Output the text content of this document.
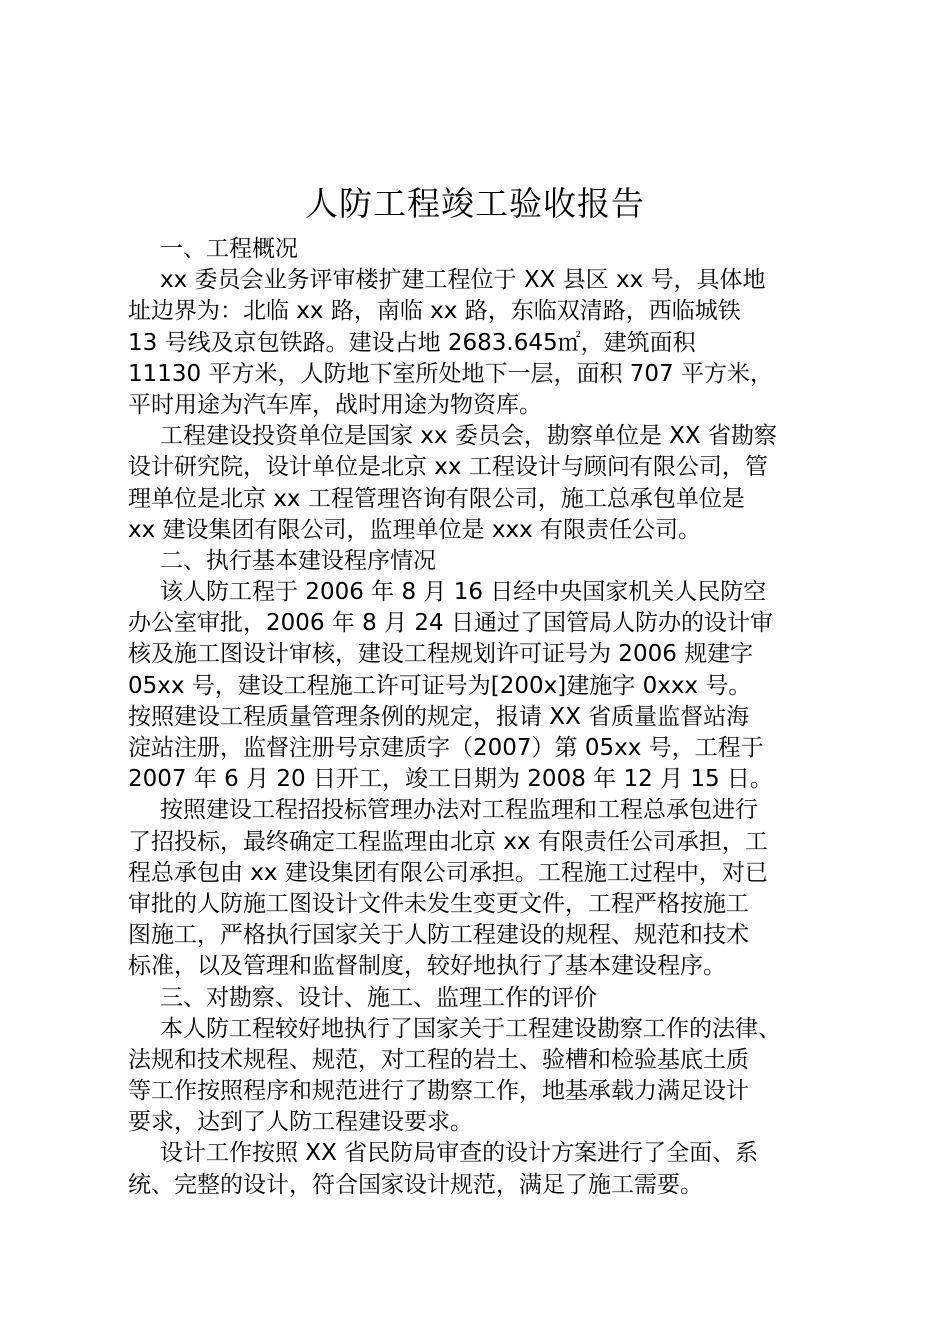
人防工程竣工验收报告
一、工程概况
xx 委员会业务评审楼扩建工程位于 XX 县区 xx 号，具体地
址边界为：北临 xx 路，南临 xx 路，东临双清路，西临城铁
13 号线及京包铁路。建设占地 2683.645㎡，建筑面积
11130 平方米，人防地下室所处地下一层，面积 707 平方米，
平时用途为汽车库，战时用途为物资库。
工程建设投资单位是国家 xx 委员会，勘察单位是 XX 省勘察
设计研究院，设计单位是北京 xx 工程设计与顾问有限公司，管
理单位是北京 xx 工程管理咨询有限公司，施工总承包单位是
xx 建设集团有限公司，监理单位是 xxx 有限责任公司。
二、执行基本建设程序情况
该人防工程于 2006 年 8 月 16 日经中央国家机关人民防空
办公室审批，2006 年 8 月 24 日通过了国管局人防办的设计审
核及施工图设计审核，建设工程规划许可证号为 2006 规建字
05xx 号，建设工程施工许可证号为[200x]建施字 0xxx 号。
按照建设工程质量管理条例的规定，报请 XX 省质量监督站海
淀站注册，监督注册号京建质字（2007）第 05xx 号，工程于
2007 年 6 月 20 日开工，竣工日期为 2008 年 12 月 15 日。
按照建设工程招投标管理办法对工程监理和工程总承包进行
了招投标，最终确定工程监理由北京 xx 有限责任公司承担，工
程总承包由 xx 建设集团有限公司承担。工程施工过程中，对已
审批的人防施工图设计文件未发生变更文件，工程严格按施工
图施工，严格执行国家关于人防工程建设的规程、规范和技术
标准，以及管理和监督制度，较好地执行了基本建设程序。
三、对勘察、设计、施工、监理工作的评价
本人防工程较好地执行了国家关于工程建设勘察工作的法律、
法规和技术规程、规范，对工程的岩土、验槽和检验基底土质
等工作按照程序和规范进行了勘察工作，地基承载力满足设计
要求，达到了人防工程建设要求。
设计工作按照 XX 省民防局审查的设计方案进行了全面、系
统、完整的设计，符合国家设计规范，满足了施工需要。
